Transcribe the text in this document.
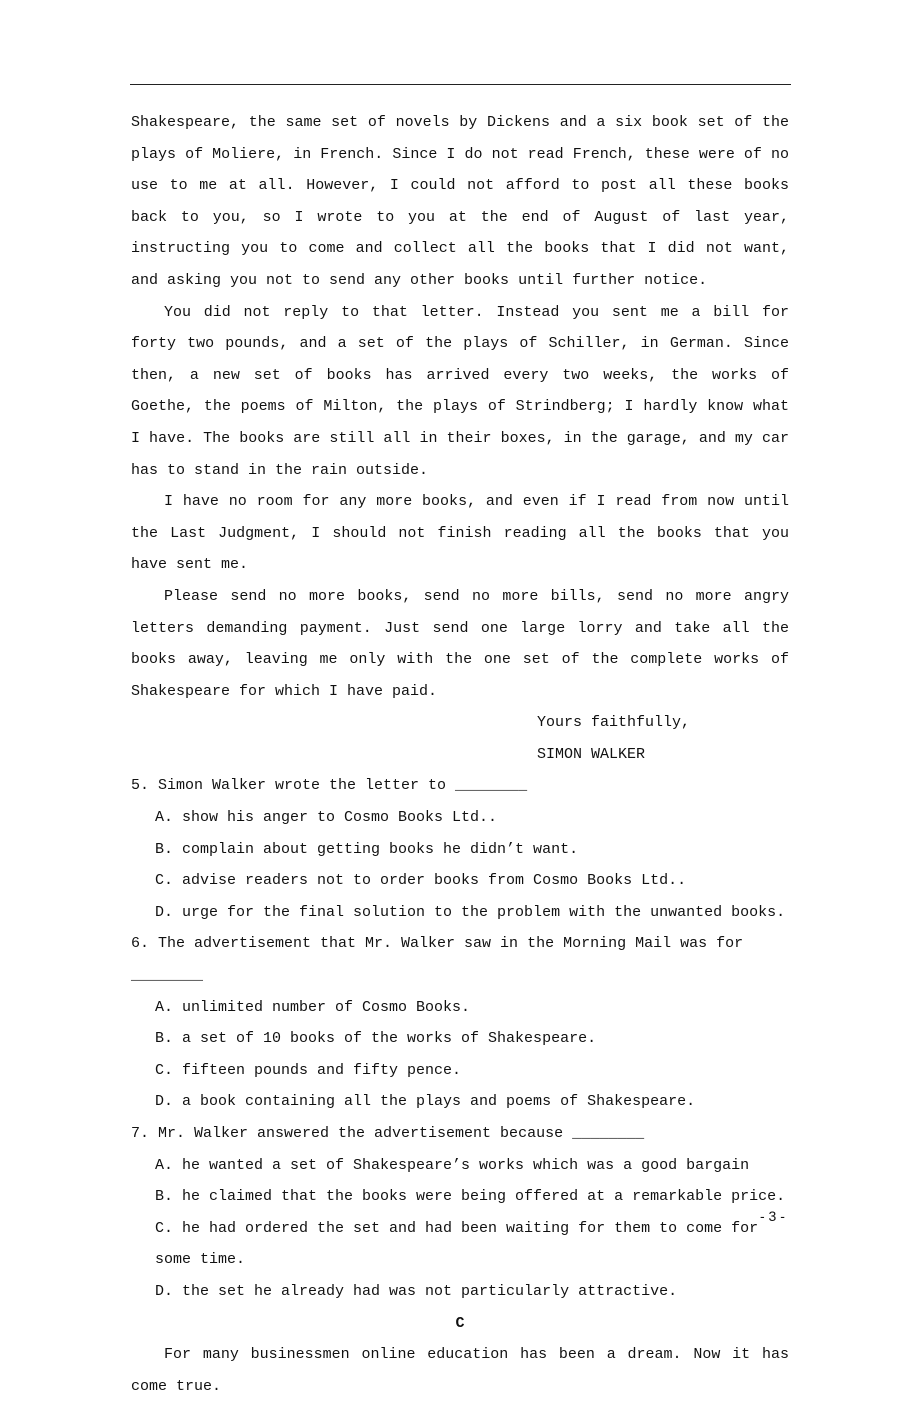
Shakespeare, the same set of novels by Dickens and a six book set of the plays of Moliere, in French. Since I do not read French, these were of no use to me at all. However, I could not afford to post all these books back to you, so I wrote to you at the end of August of last year, instructing you to come and collect all the books that I did not want, and asking you not to send any other books until further notice.

You did not reply to that letter. Instead you sent me a bill for forty two pounds, and a set of the plays of Schiller, in German. Since then, a new set of books has arrived every two weeks, the works of Goethe, the poems of Milton, the plays of Strindberg; I hardly know what I have. The books are still all in their boxes, in the garage, and my car has to stand in the rain outside.

I have no room for any more books, and even if I read from now until the Last Judgment, I should not finish reading all the books that you have sent me.

Please send no more books, send no more bills, send no more angry letters demanding payment. Just send one large lorry and take all the books away, leaving me only with the one set of the complete works of Shakespeare for which I have paid.

Yours faithfully,

SIMON WALKER

5. Simon Walker wrote the letter to ________

A. show his anger to Cosmo Books Ltd..

B. complain about getting books he didn’t want.

C. advise readers not to order books from Cosmo Books Ltd..

D. urge for the final solution to the problem with the unwanted books.

6. The advertisement that Mr. Walker saw in the Morning Mail was for ________

A. unlimited number of Cosmo Books.

B. a set of 10 books of the works of Shakespeare.

C. fifteen pounds and fifty pence.

D. a book containing all the plays and poems of Shakespeare.

7. Mr. Walker answered the advertisement because ________

A. he wanted a set of Shakespeare’s works which was a good bargain

B. he claimed that the books were being offered at a remarkable price.

C. he had ordered the set and had been waiting for them to come for some time.

D. the set he already had was not particularly attractive.

C

For many businessmen online education has been a dream. Now it has come true.

- 3 -
